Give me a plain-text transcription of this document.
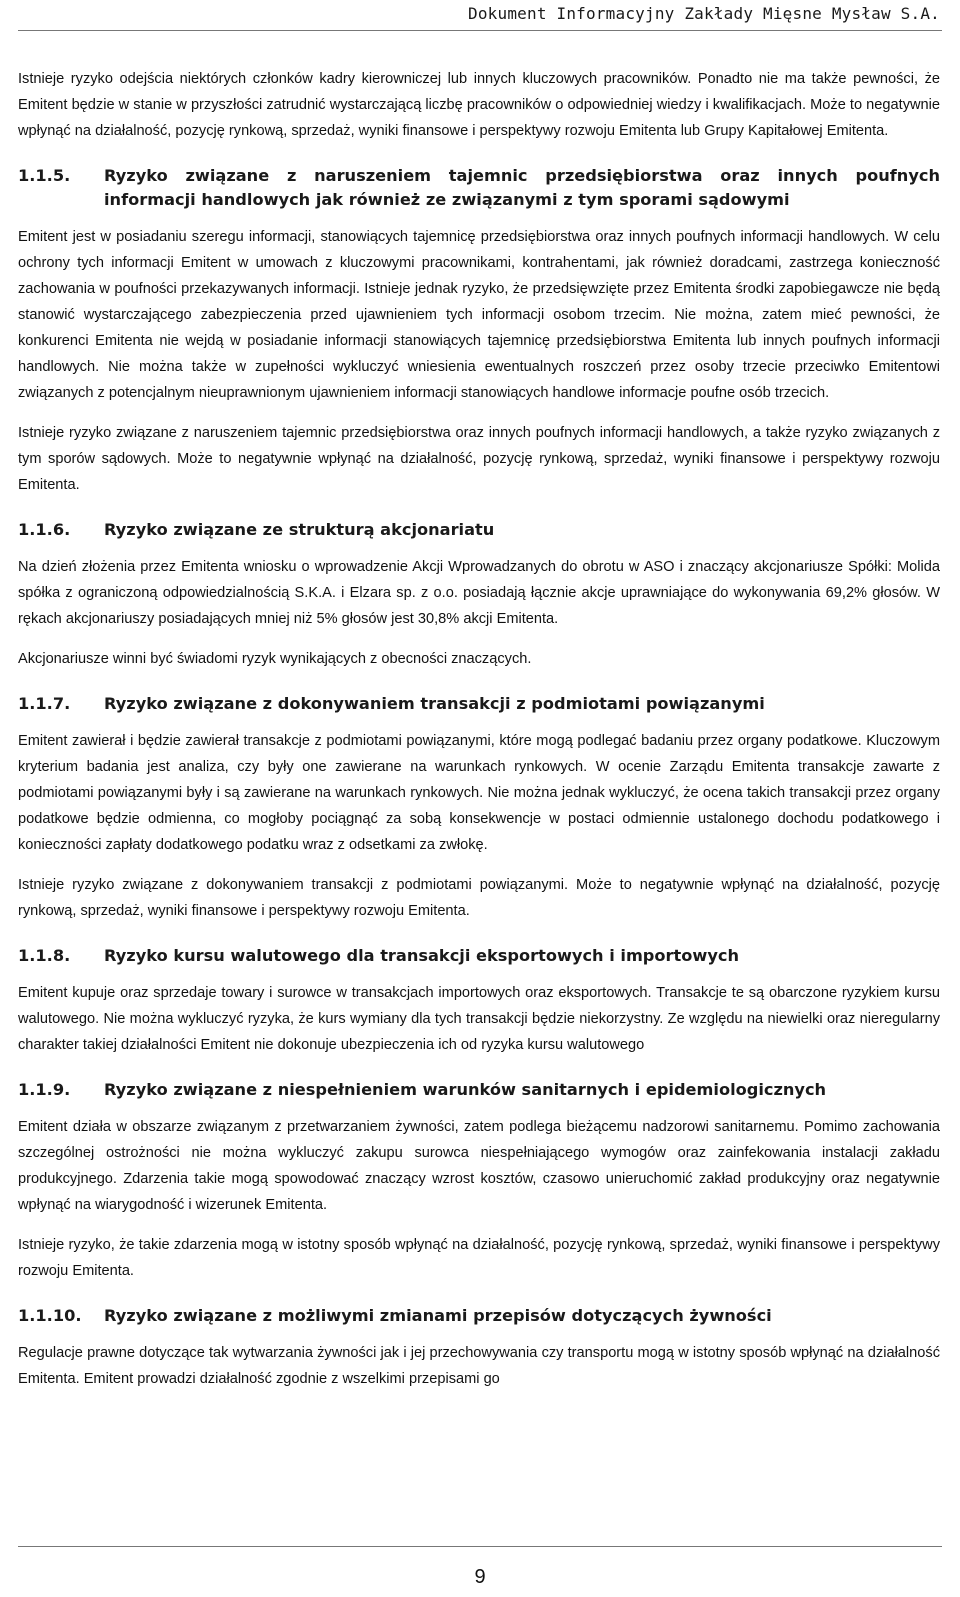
Dokument Informacyjny Zakłady Mięsne Mysław S.A.

Istnieje ryzyko odejścia niektórych członków kadry kierowniczej lub innych kluczowych pracowników. Ponadto nie ma także pewności, że Emitent będzie w stanie w przyszłości zatrudnić wystarczającą liczbę pracowników o odpowiedniej wiedzy i kwalifikacjach. Może to negatywnie wpłynąć na działalność, pozycję rynkową, sprzedaż, wyniki finansowe i perspektywy rozwoju Emitenta lub Grupy Kapitałowej Emitenta.

1.1.5.	Ryzyko związane z naruszeniem tajemnic przedsiębiorstwa oraz innych poufnych informacji handlowych jak również ze związanymi z tym sporami sądowymi

Emitent jest w posiadaniu szeregu informacji, stanowiących tajemnicę przedsiębiorstwa oraz innych poufnych informacji handlowych. W celu ochrony tych informacji Emitent w umowach z kluczowymi pracownikami, kontrahentami, jak również doradcami, zastrzega konieczność zachowania w poufności przekazywanych informacji. Istnieje jednak ryzyko, że przedsięwzięte przez Emitenta środki zapobiegawcze nie będą stanowić wystarczającego zabezpieczenia przed ujawnieniem tych informacji osobom trzecim. Nie można, zatem mieć pewności, że konkurenci Emitenta nie wejdą w posiadanie informacji stanowiących tajemnicę przedsiębiorstwa Emitenta lub innych poufnych informacji handlowych. Nie można także w zupełności wykluczyć wniesienia ewentualnych roszczeń przez osoby trzecie przeciwko Emitentowi związanych z potencjalnym nieuprawnionym ujawnieniem informacji stanowiących handlowe informacje poufne osób trzecich.

Istnieje ryzyko związane z naruszeniem tajemnic przedsiębiorstwa oraz innych poufnych informacji handlowych, a także ryzyko związanych z tym sporów sądowych. Może to negatywnie wpłynąć na działalność, pozycję rynkową, sprzedaż, wyniki finansowe i perspektywy rozwoju Emitenta.

1.1.6.	Ryzyko związane ze strukturą akcjonariatu

Na dzień złożenia przez Emitenta wniosku o wprowadzenie Akcji Wprowadzanych do obrotu w ASO i znaczący akcjonariusze Spółki: Molida spółka z ograniczoną odpowiedzialnością S.K.A. i Elzara sp. z o.o. posiadają łącznie akcje uprawniające do wykonywania 69,2% głosów. W rękach akcjonariuszy posiadających mniej niż 5% głosów jest 30,8% akcji Emitenta.

Akcjonariusze winni być świadomi ryzyk wynikających z obecności znaczących.

1.1.7.	Ryzyko związane z dokonywaniem transakcji z podmiotami powiązanymi

Emitent zawierał i będzie zawierał transakcje z podmiotami powiązanymi, które mogą podlegać badaniu przez organy podatkowe. Kluczowym kryterium badania jest analiza, czy były one zawierane na warunkach rynkowych. W ocenie Zarządu Emitenta transakcje zawarte z podmiotami powiązanymi były i są zawierane na warunkach rynkowych. Nie można jednak wykluczyć, że ocena takich transakcji przez organy podatkowe będzie odmienna, co mogłoby pociągnąć za sobą konsekwencje w postaci odmiennie ustalonego dochodu podatkowego i konieczności zapłaty dodatkowego podatku wraz z odsetkami za zwłokę.

Istnieje ryzyko związane z dokonywaniem transakcji z podmiotami powiązanymi. Może to negatywnie wpłynąć na działalność, pozycję rynkową, sprzedaż, wyniki finansowe i perspektywy rozwoju Emitenta.

1.1.8.	Ryzyko kursu walutowego dla transakcji eksportowych i importowych

Emitent kupuje oraz sprzedaje towary i surowce w transakcjach importowych oraz eksportowych. Transakcje te są obarczone ryzykiem kursu walutowego. Nie można wykluczyć ryzyka, że kurs wymiany dla tych transakcji będzie niekorzystny. Ze względu na niewielki oraz nieregularny charakter takiej działalności Emitent nie dokonuje ubezpieczenia ich od ryzyka kursu walutowego

1.1.9.	Ryzyko związane z niespełnieniem warunków sanitarnych i epidemiologicznych

Emitent działa w obszarze związanym z przetwarzaniem żywności, zatem podlega bieżącemu nadzorowi sanitarnemu. Pomimo zachowania szczególnej ostrożności nie można wykluczyć zakupu surowca niespełniającego wymogów oraz zainfekowania instalacji zakładu produkcyjnego. Zdarzenia takie mogą spowodować znaczący wzrost kosztów, czasowo unieruchomić zakład produkcyjny oraz negatywnie wpłynąć na wiarygodność i wizerunek Emitenta.

Istnieje ryzyko, że takie zdarzenia mogą w istotny sposób wpłynąć na działalność, pozycję rynkową, sprzedaż, wyniki finansowe i perspektywy rozwoju Emitenta.

1.1.10.	Ryzyko związane z możliwymi zmianami przepisów dotyczących żywności

Regulacje prawne dotyczące tak wytwarzania żywności jak i jej przechowywania czy transportu mogą w istotny sposób wpłynąć na działalność Emitenta. Emitent prowadzi działalność zgodnie z wszelkimi przepisami go

9
